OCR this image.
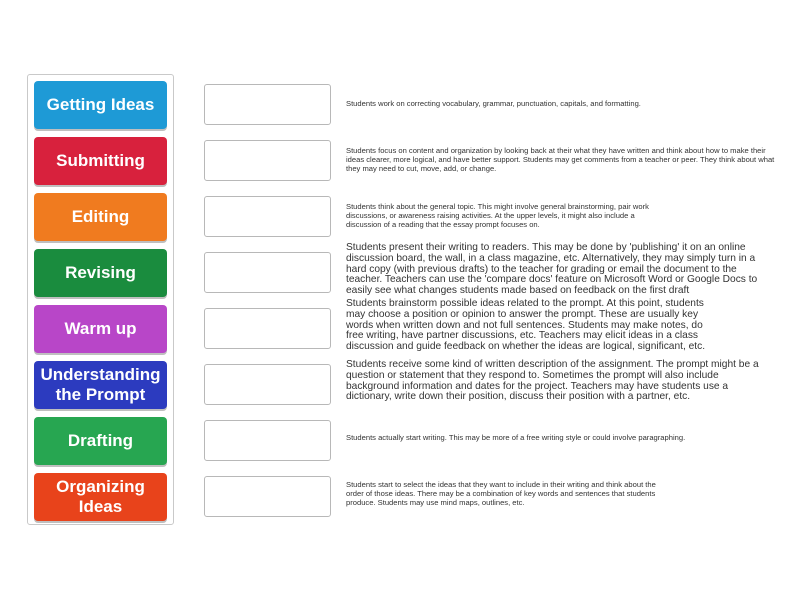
Getting Ideas
Submitting
Editing
Revising
Warm up
Understanding the Prompt
Drafting
Organizing Ideas
Students work on correcting vocabulary, grammar, punctuation, capitals, and formatting.
Students focus on content and organization by looking back at their what they have written and think about how to make their ideas clearer, more logical, and have better support. Students may get comments from a teacher or peer. They think about what they may need to cut, move, add, or change.
Students think about the general topic. This might involve general brainstorming, pair work discussions, or awareness raising activities. At the upper levels, it might also include a discussion of a reading that the essay prompt focuses on.
Students present their writing to readers. This may be done by 'publishing' it on an online discussion board, the wall, in a class magazine, etc. Alternatively, they may simply turn in a hard copy (with previous drafts) to the teacher for grading or email the document to the teacher. Teachers can use the 'compare docs' feature on Microsoft Word or Google Docs to easily see what changes students made based on feedback on the first draft
Students brainstorm possible ideas related to the prompt. At this point, students may choose a position or opinion to answer the prompt. These are usually key words when written down and not full sentences. Students may make notes, do free writing, have partner discussions, etc. Teachers may elicit ideas in a class discussion and guide feedback on whether the ideas are logical, significant, etc.
Students receive some kind of written description of the assignment. The prompt might be a question or statement that they respond to. Sometimes the prompt will also include background information and dates for the project. Teachers may have students use a dictionary, write down their position, discuss their position with a partner, etc.
Students actually start writing. This may be more of a free writing style or could involve paragraphing.
Students start to select the ideas that they want to include in their writing and think about the order of those ideas. There may be a combination of key words and sentences that students produce. Students may use mind maps, outlines, etc.
